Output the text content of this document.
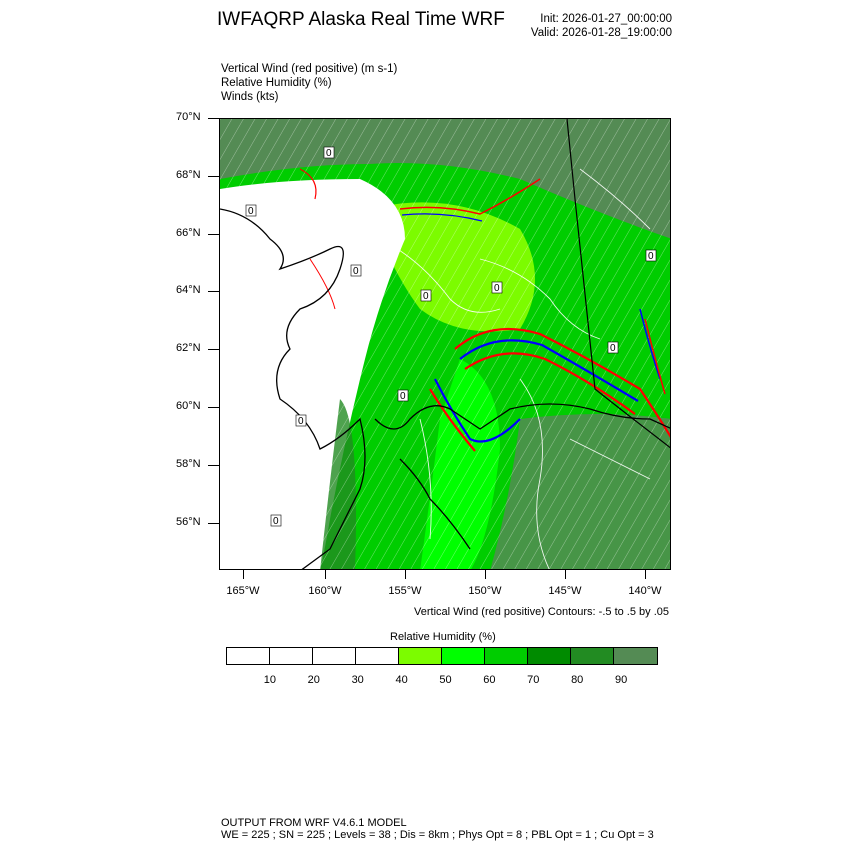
IWFAQRP Alaska Real Time WRF	Init: 2026-01-27_00:00:00
Valid: 2026-01-28_19:00:00
Vertical Wind (red positive) (m s-1)
Relative Humidity (%)
Winds (kts)
0
0
0
0
0
0
0
0
0
0
70°N
68°N
66°N
64°N
62°N
60°N
58°N
56°N
165°W	160°W	155°W	150°W	145°W	140°W
Vertical Wind (red positive) Contours: -.5 to .5 by .05
Relative Humidity (%)
10	20	30	40	50	60	70	80	90
OUTPUT FROM WRF V4.6.1 MODEL
WE = 225 ; SN = 225 ; Levels = 38 ; Dis = 8km ; Phys Opt = 8 ; PBL Opt = 1 ; Cu Opt = 3
